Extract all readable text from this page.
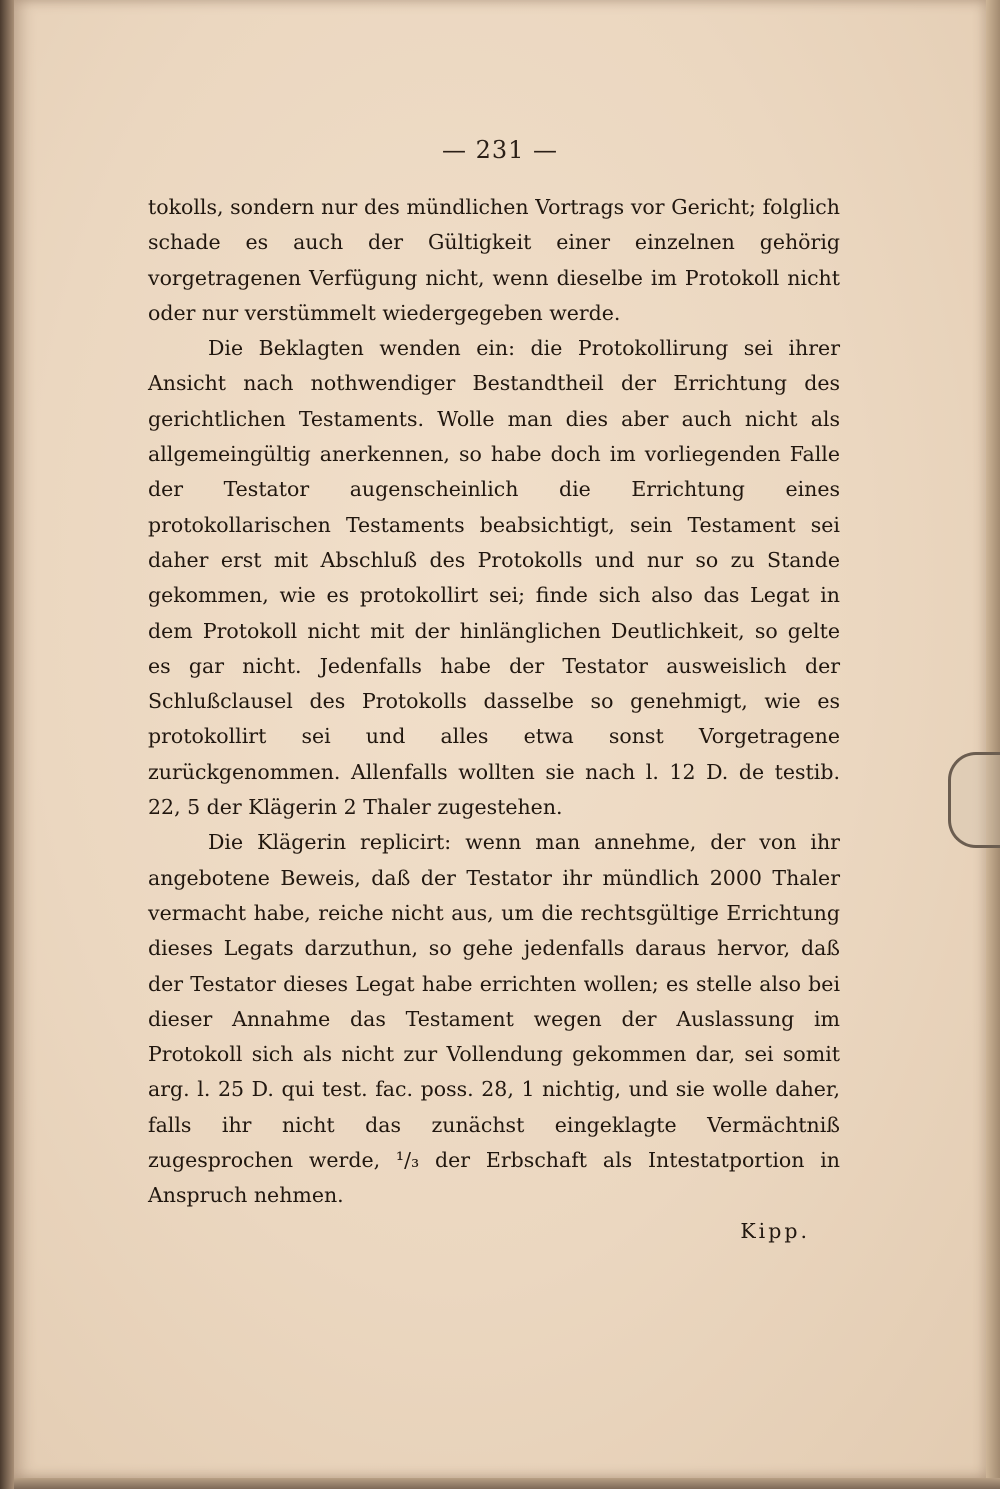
— 231 —

tokolls, sondern nur des mündlichen Vortrags vor Gericht; folglich schade es auch der Gültigkeit einer einzelnen gehörig vorgetragenen Verfügung nicht, wenn dieselbe im Protokoll nicht oder nur verstümmelt wiedergegeben werde.

Die Beklagten wenden ein: die Protokollirung sei ihrer Ansicht nach nothwendiger Bestandtheil der Errichtung des gerichtlichen Testaments. Wolle man dies aber auch nicht als allgemeingültig anerkennen, so habe doch im vorliegenden Falle der Testator augenscheinlich die Errichtung eines protokollarischen Testaments beabsichtigt, sein Testament sei daher erst mit Abschluß des Protokolls und nur so zu Stande gekommen, wie es protokollirt sei; finde sich also das Legat in dem Protokoll nicht mit der hinlänglichen Deutlichkeit, so gelte es gar nicht. Jedenfalls habe der Testator ausweislich der Schlußclausel des Protokolls dasselbe so genehmigt, wie es protokollirt sei und alles etwa sonst Vorgetragene zurückgenommen. Allenfalls wollten sie nach l. 12 D. de testib. 22, 5 der Klägerin 2 Thaler zugestehen.

Die Klägerin replicirt: wenn man annehme, der von ihr angebotene Beweis, daß der Testator ihr mündlich 2000 Thaler vermacht habe, reiche nicht aus, um die rechtsgültige Errichtung dieses Legats darzuthun, so gehe jedenfalls daraus hervor, daß der Testator dieses Legat habe errichten wollen; es stelle also bei dieser Annahme das Testament wegen der Auslassung im Protokoll sich als nicht zur Vollendung gekommen dar, sei somit arg. l. 25 D. qui test. fac. poss. 28, 1 nichtig, und sie wolle daher, falls ihr nicht das zunächst eingeklagte Vermächtniß zugesprochen werde, ¹/₃ der Erbschaft als Intestatportion in Anspruch nehmen.

Kipp.
